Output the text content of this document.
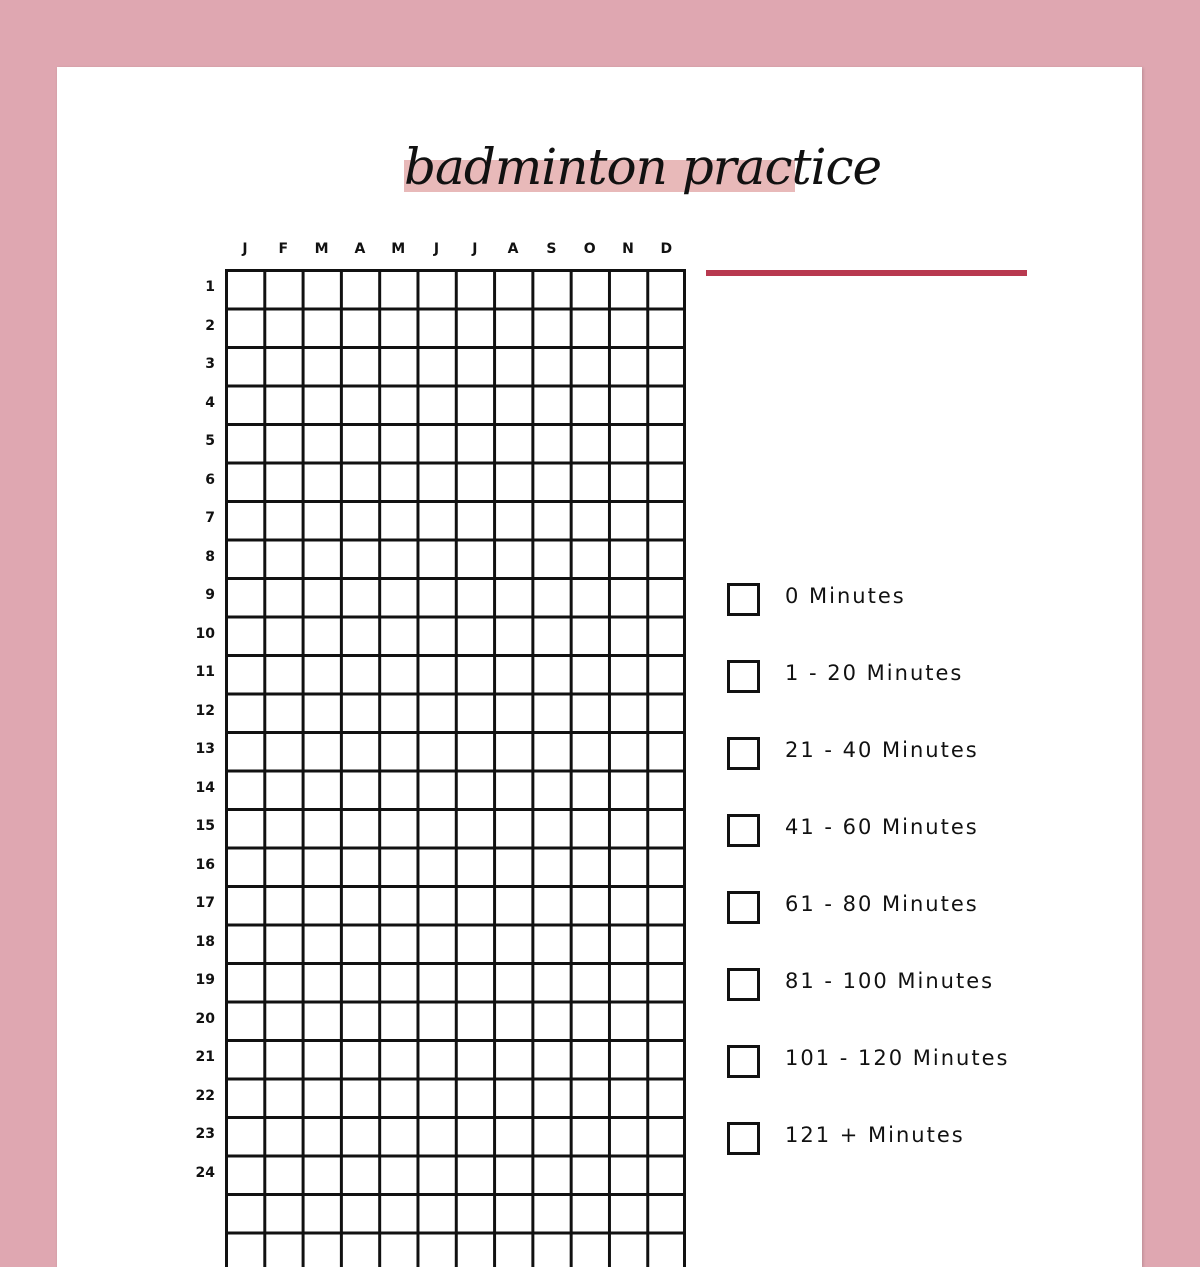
badminton practice
J	F	M	A	M	J	J	A	S	O	N	D
1
2
3
4
5
6
7
8
9
10
11
12
13
14
15
16
17
18
19
20
21
22
23
24
0 Minutes
1 - 20 Minutes
21 - 40 Minutes
41 - 60 Minutes
61 - 80 Minutes
81 - 100 Minutes
101 - 120 Minutes
121 + Minutes
